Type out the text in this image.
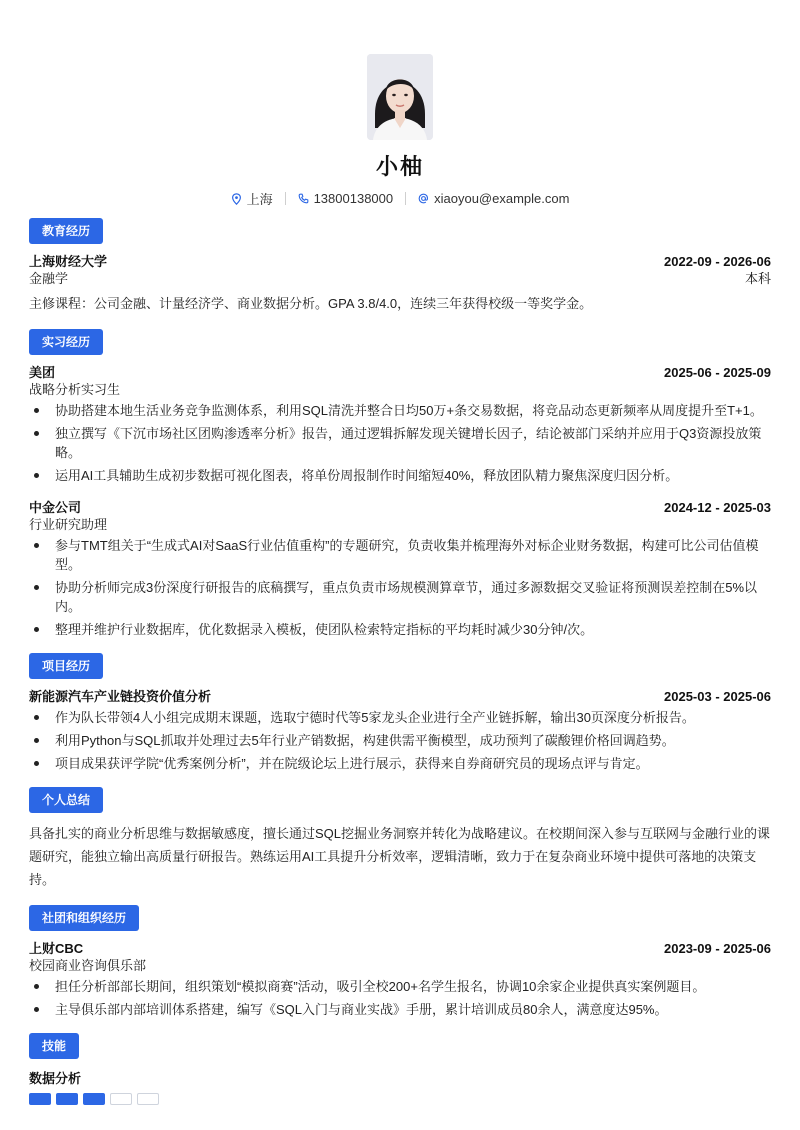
小柚
上海	13800138000	xiaoyou@example.com
教育经历
上海财经大学	2022-09 - 2026-06
金融学	本科
主修课程：公司金融、计量经济学、商业数据分析。GPA 3.8/4.0，连续三年获得校级一等奖学金。
实习经历
美团	2025-06 - 2025-09
战略分析实习生
协助搭建本地生活业务竞争监测体系，利用SQL清洗并整合日均50万+条交易数据，将竞品动态更新频率从周度提升至T+1。
独立撰写《下沉市场社区团购渗透率分析》报告，通过逻辑拆解发现关键增长因子，结论被部门采纳并应用于Q3资源投放策略。
运用AI工具辅助生成初步数据可视化图表，将单份周报制作时间缩短40%，释放团队精力聚焦深度归因分析。
中金公司	2024-12 - 2025-03
行业研究助理
参与TMT组关于“生成式AI对SaaS行业估值重构”的专题研究，负责收集并梳理海外对标企业财务数据，构建可比公司估值模型。
协助分析师完成3份深度行研报告的底稿撰写，重点负责市场规模测算章节，通过多源数据交叉验证将预测误差控制在5%以内。
整理并维护行业数据库，优化数据录入模板，使团队检索特定指标的平均耗时减少30分钟/次。
项目经历
新能源汽车产业链投资价值分析	2025-03 - 2025-06
作为队长带领4人小组完成期末课题，选取宁德时代等5家龙头企业进行全产业链拆解，输出30页深度分析报告。
利用Python与SQL抓取并处理过去5年行业产销数据，构建供需平衡模型，成功预判了碳酸锂价格回调趋势。
项目成果获评学院“优秀案例分析”，并在院级论坛上进行展示，获得来自券商研究员的现场点评与肯定。
个人总结
具备扎实的商业分析思维与数据敏感度，擅长通过SQL挖掘业务洞察并转化为战略建议。在校期间深入参与互联网与金融行业的课题研究，能独立输出高质量行研报告。熟练运用AI工具提升分析效率，逻辑清晰，致力于在复杂商业环境中提供可落地的决策支持。
社团和组织经历
上财CBC	2023-09 - 2025-06
校园商业咨询俱乐部
担任分析部部长期间，组织策划“模拟商赛”活动，吸引全校200+名学生报名，协调10余家企业提供真实案例题目。
主导俱乐部内部培训体系搭建，编写《SQL入门与商业实战》手册，累计培训成员80余人，满意度达95%。
技能
数据分析
